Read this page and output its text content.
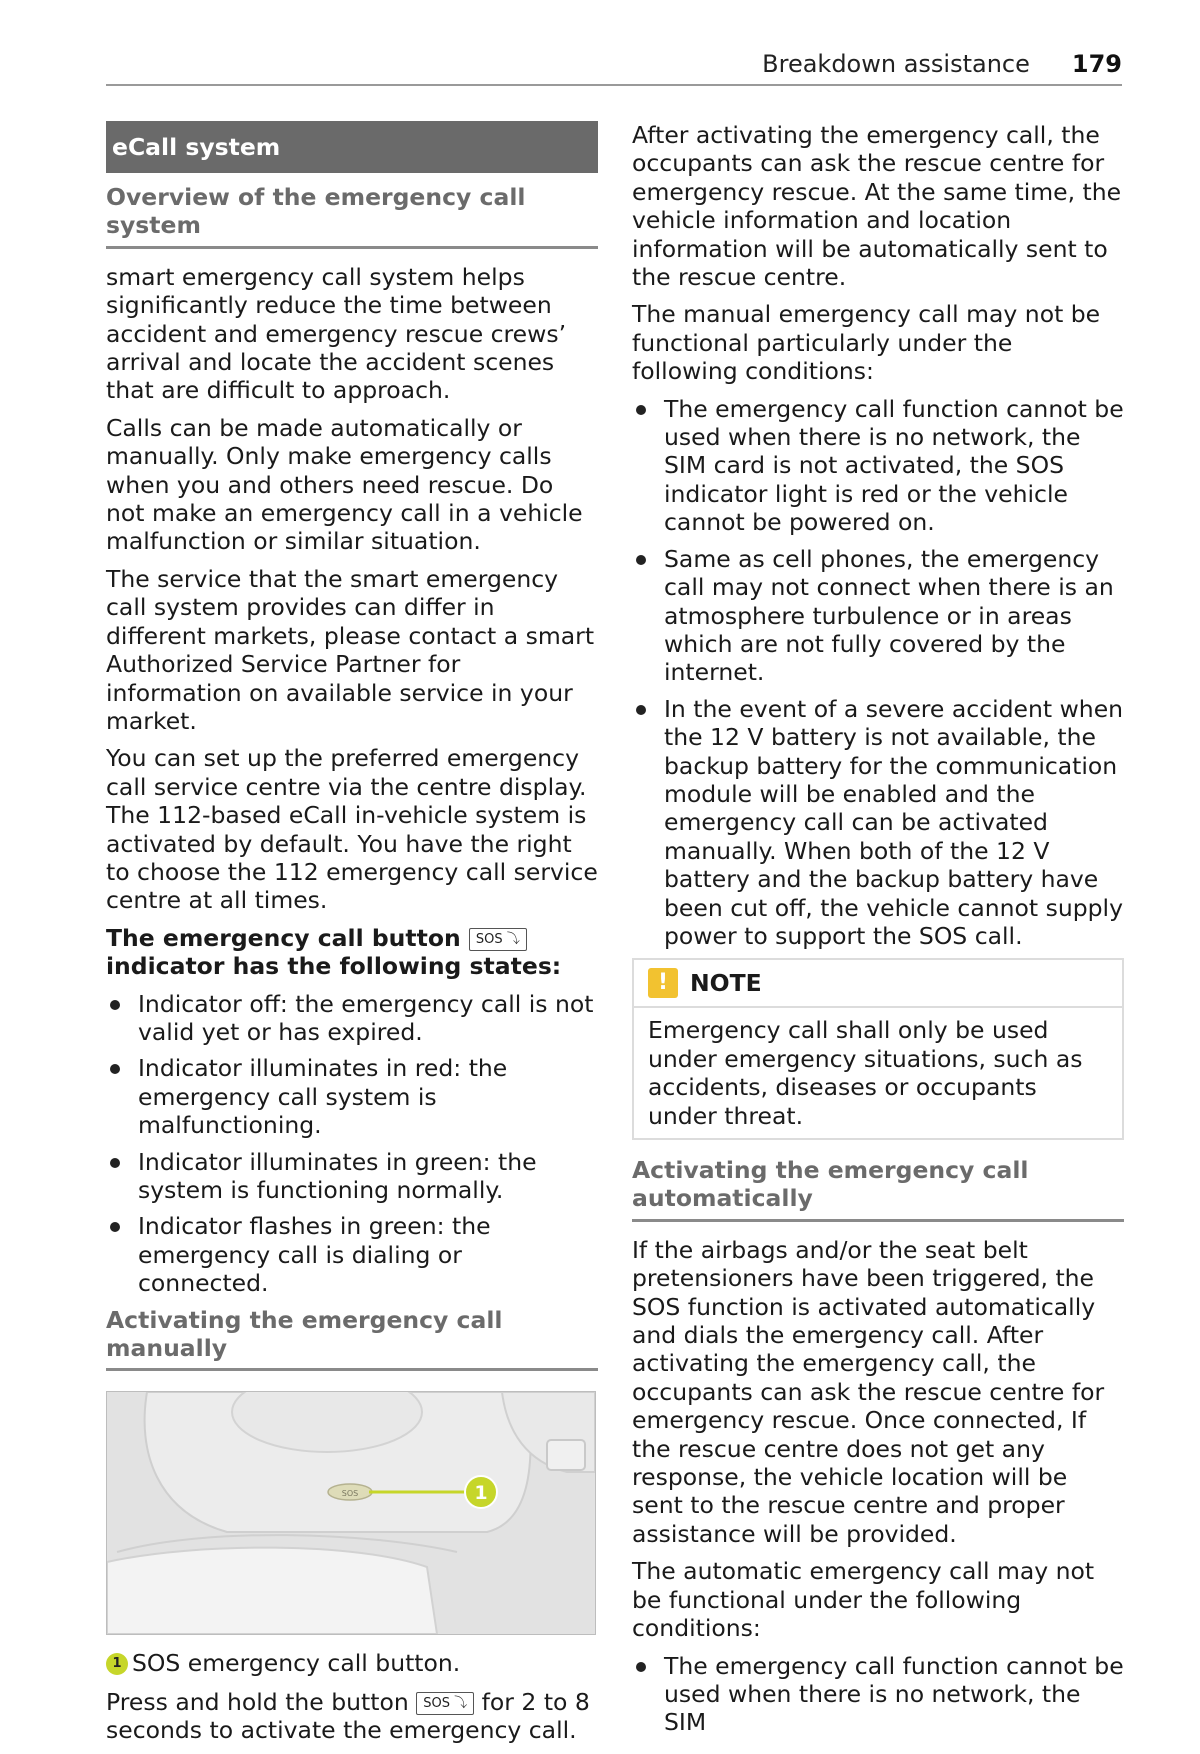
Breakdown assistance 179
eCall system
Overview of the emergency call system

smart emergency call system helps significantly reduce the time between accident and emergency rescue crews’ arrival and locate the accident scenes that are difficult to approach.

Calls can be made automatically or manually. Only make emergency calls when you and others need rescue. Do not make an emergency call in a vehicle malfunction or similar situation.

The service that the smart emergency call system provides can differ in different markets, please contact a smart Authorized Service Partner for information on available service in your market.

You can set up the preferred emergency call service centre via the centre display. The 112-based eCall in-vehicle system is activated by default. You have the right to choose the 112 emergency call service centre at all times.

The emergency call button SOS ⤵ indicator has the following states:

Indicator off: the emergency call is not valid yet or has expired.
Indicator illuminates in red: the emergency call system is malfunctioning.
Indicator illuminates in green: the system is functioning normally.
Indicator flashes in green: the emergency call is dialing or connected.
Activating the emergency call manually
SOS	1
1 SOS emergency call button.

Press and hold the button SOS ⤵ for 2 to 8 seconds to activate the emergency call.

After activating the emergency call, the occupants can ask the rescue centre for emergency rescue. At the same time, the vehicle information and location information will be automatically sent to the rescue centre.

The manual emergency call may not be functional particularly under the following conditions:

The emergency call function cannot be used when there is no network, the SIM card is not activated, the SOS indicator light is red or the vehicle cannot be powered on.
Same as cell phones, the emergency call may not connect when there is an atmosphere turbulence or in areas which are not fully covered by the internet.
In the event of a severe accident when the 12 V battery is not available, the backup battery for the communication module will be enabled and the emergency call can be activated manually. When both of the 12 V battery and the backup battery have been cut off, the vehicle cannot supply power to support the SOS call.
! NOTE

Emergency call shall only be used under emergency situations, such as accidents, diseases or occupants under threat.

Activating the emergency call automatically

If the airbags and/or the seat belt pretensioners have been triggered, the SOS function is activated automatically and dials the emergency call. After activating the emergency call, the occupants can ask the rescue centre for emergency rescue. Once connected, If the rescue centre does not get any response, the vehicle location will be sent to the rescue centre and proper assistance will be provided.

The automatic emergency call may not be functional under the following conditions:

The emergency call function cannot be used when there is no network, the SIM
